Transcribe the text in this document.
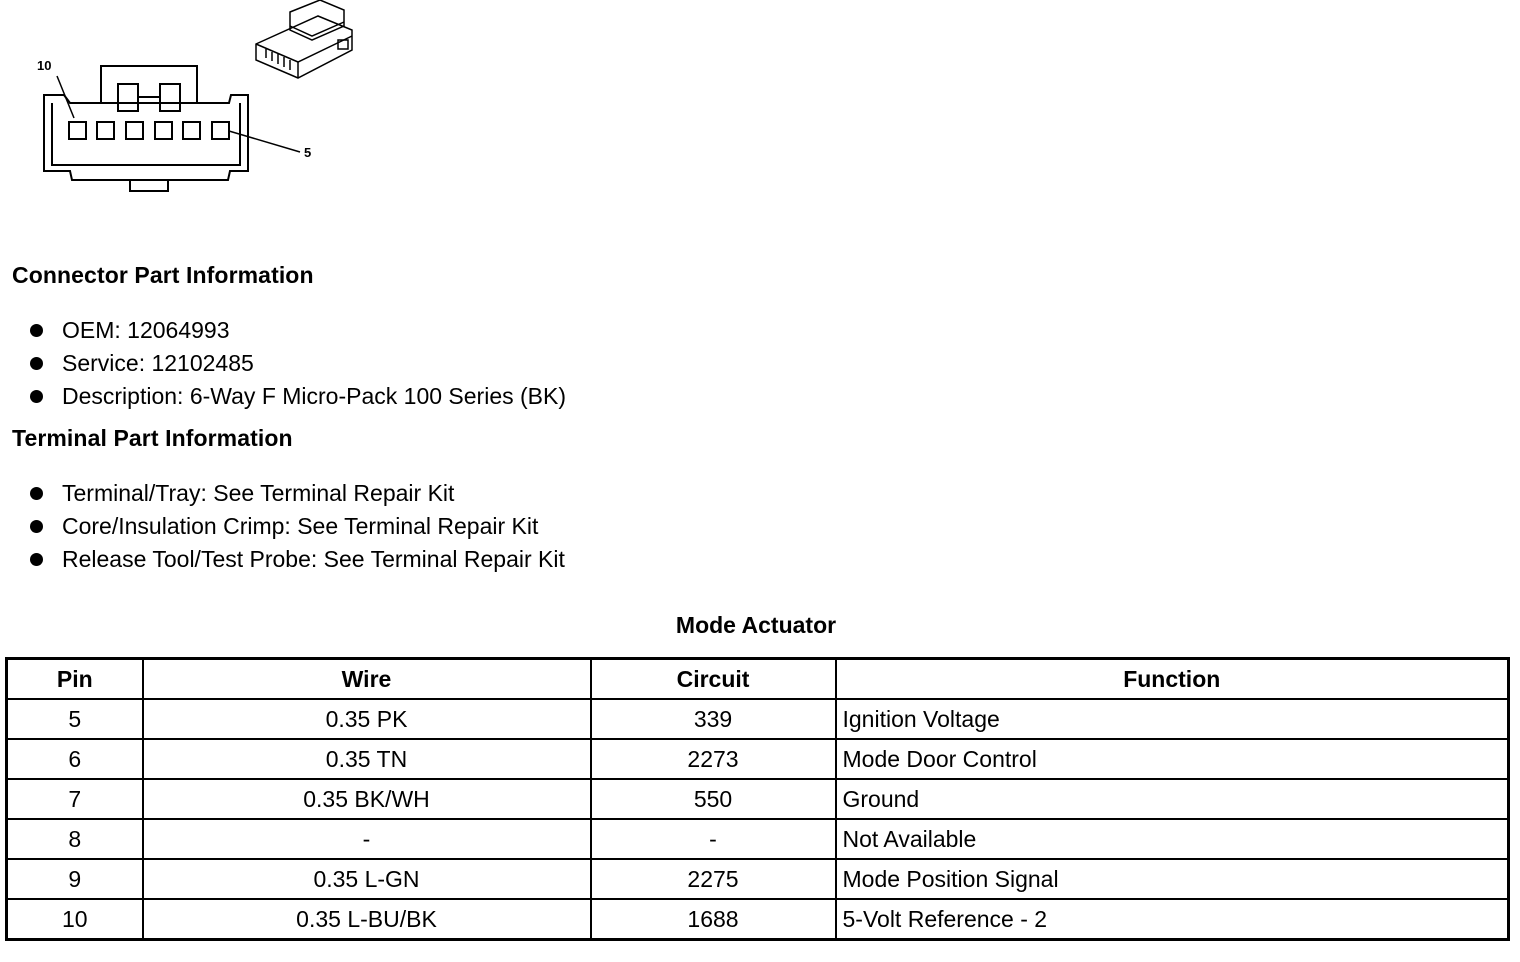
10
5
Connector Part Information
OEM: 12064993
Service: 12102485
Description: 6-Way F Micro-Pack 100 Series (BK)
Terminal Part Information
Terminal/Tray: See Terminal Repair Kit
Core/Insulation Crimp: See Terminal Repair Kit
Release Tool/Test Probe: See Terminal Repair Kit
Mode Actuator
Pin	Wire	Circuit	Function
5	0.35 PK	339	Ignition Voltage
6	0.35 TN	2273	Mode Door Control
7	0.35 BK/WH	550	Ground
8	-	-	Not Available
9	0.35 L-GN	2275	Mode Position Signal
10	0.35 L-BU/BK	1688	5-Volt Reference - 2
